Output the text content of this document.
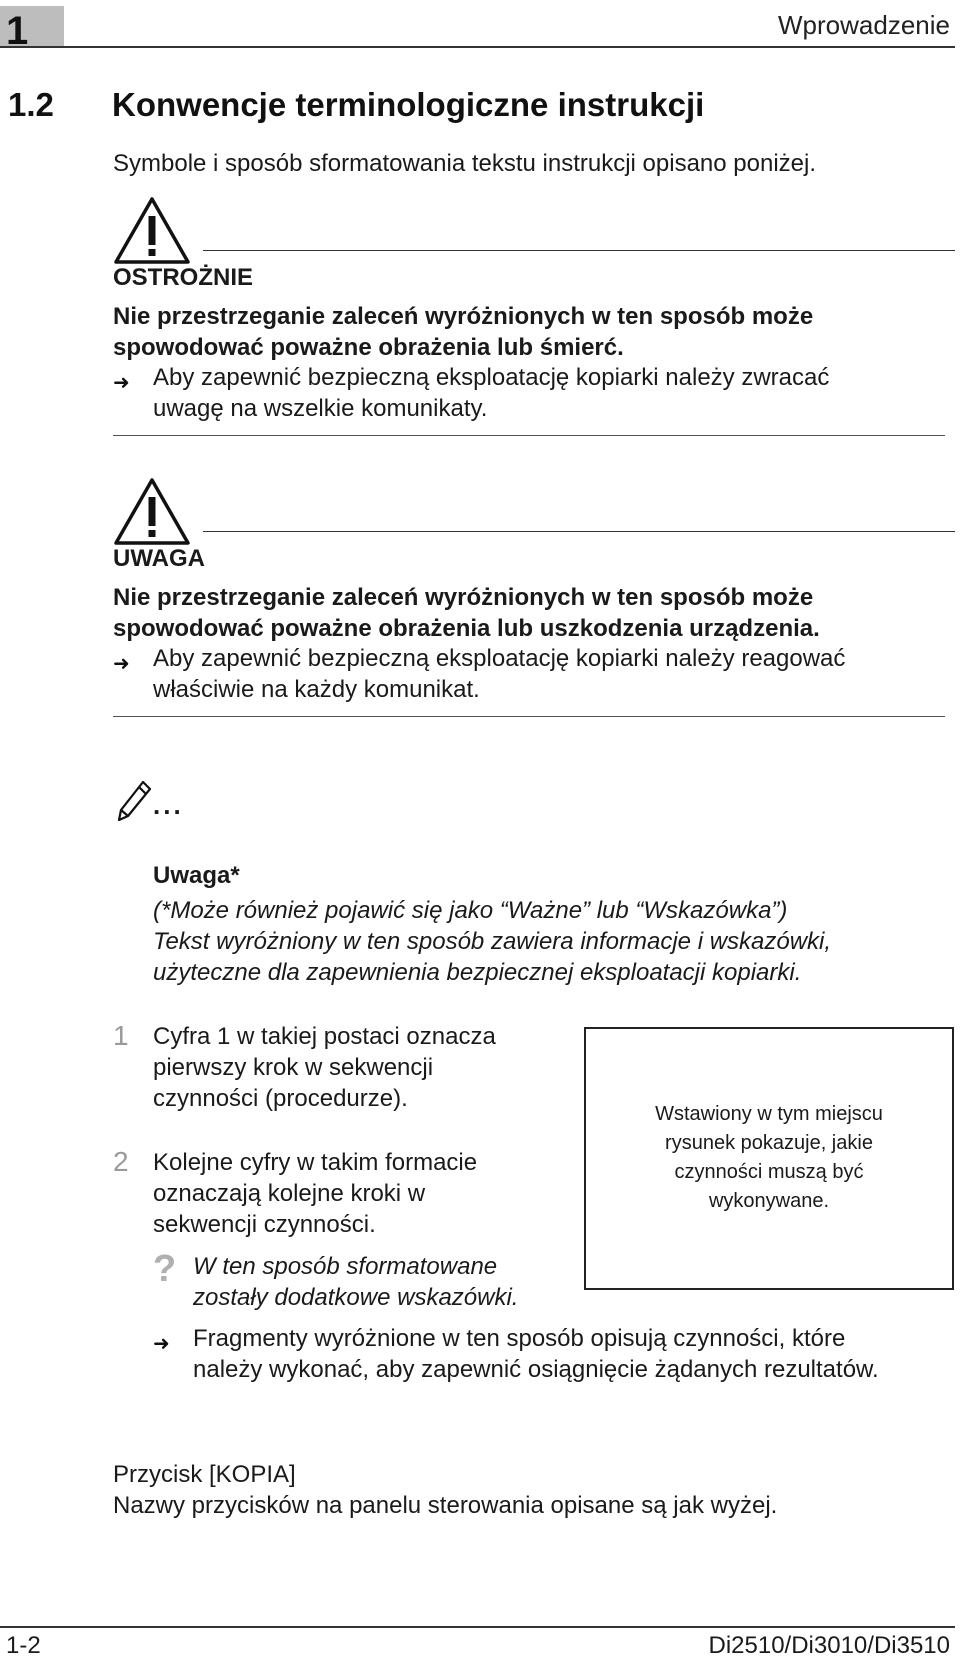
1	Wprowadzenie
1.2 Konwencje terminologiczne instrukcji
Symbole i sposób sformatowania tekstu instrukcji opisano poniżej.
OSTROŻNIE
Nie przestrzeganie zaleceń wyróżnionych w ten sposób może
spowodować poważne obrażenia lub śmierć.
➜ Aby zapewnić bezpieczną eksploatację kopiarki należy zwracać
uwagę na wszelkie komunikaty.
UWAGA
Nie przestrzeganie zaleceń wyróżnionych w ten sposób może
spowodować poważne obrażenia lub uszkodzenia urządzenia.
➜ Aby zapewnić bezpieczną eksploatację kopiarki należy reagować
właściwie na każdy komunikat.
...
Uwaga*
(*Może również pojawić się jako “Ważne” lub “Wskazówka”)
Tekst wyróżniony w ten sposób zawiera informacje i wskazówki,
użyteczne dla zapewnienia bezpiecznej eksploatacji kopiarki.
1 Cyfra 1 w takiej postaci oznacza
pierwszy krok w sekwencji
czynności (procedurze).
2 Kolejne cyfry w takim formacie
oznaczają kolejne kroki w
sekwencji czynności.
Wstawiony w tym miejscu
rysunek pokazuje, jakie
czynności muszą być
wykonywane.
? W ten sposób sformatowane
zostały dodatkowe wskazówki.
➜ Fragmenty wyróżnione w ten sposób opisują czynności, które
należy wykonać, aby zapewnić osiągnięcie żądanych rezultatów.
Przycisk [KOPIA]
Nazwy przycisków na panelu sterowania opisane są jak wyżej.
1-2	Di2510/Di3010/Di3510
